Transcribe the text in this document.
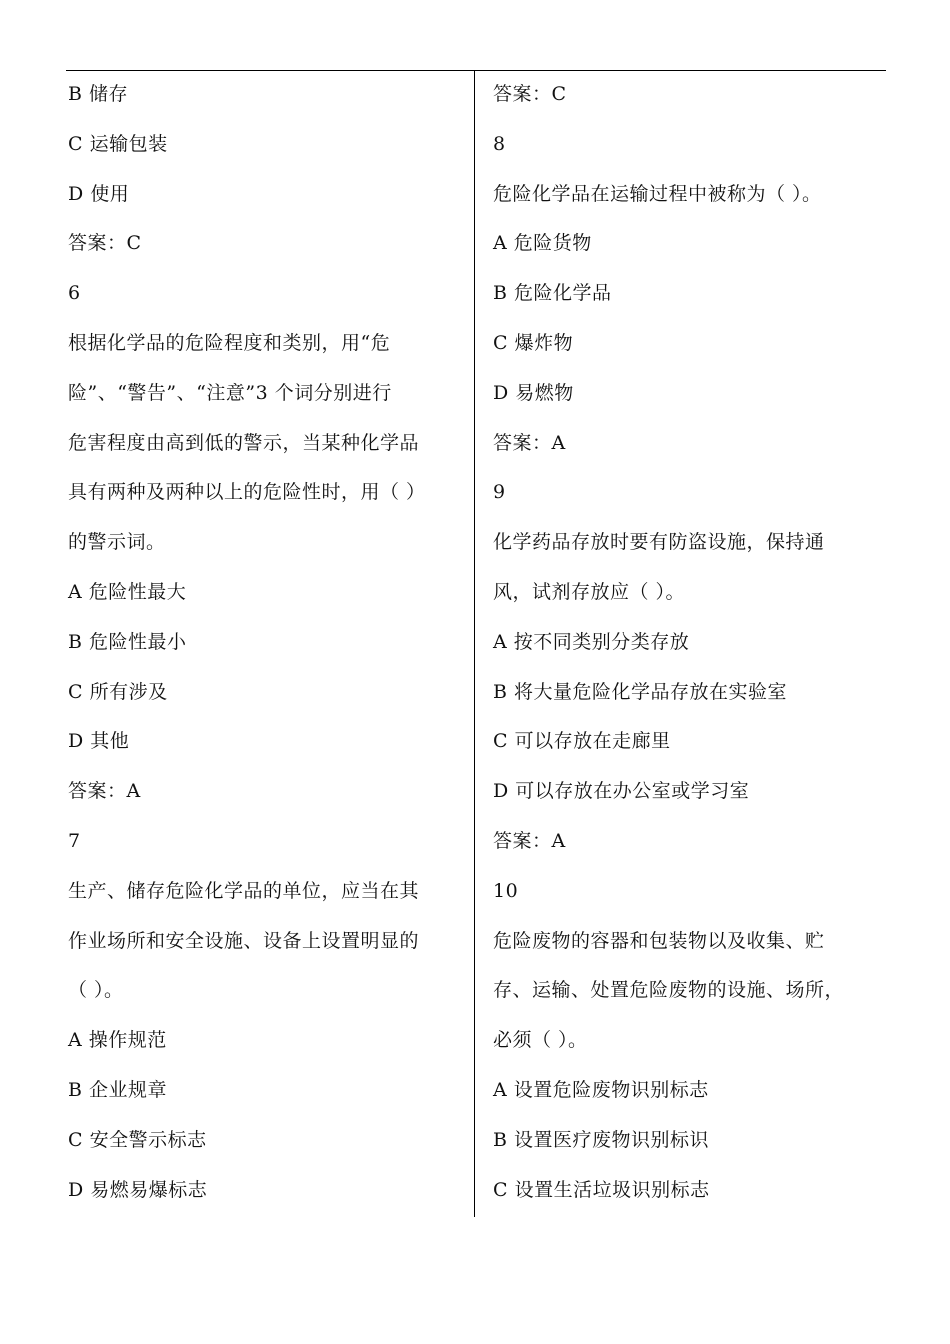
B 储存
C 运输包装
D 使用
答案：C
6
根据化学品的危险程度和类别，用“危
险”、“警告”、“注意”3 个词分别进行
危害程度由高到低的警示，当某种化学品
具有两种及两种以上的危险性时，用（ ）
的警示词。
A 危险性最大
B 危险性最小
C 所有涉及
D 其他
答案：A
7
生产、储存危险化学品的单位，应当在其
作业场所和安全设施、设备上设置明显的
（ ）。
A 操作规范
B 企业规章
C 安全警示标志
D 易燃易爆标志
答案：C
8
危险化学品在运输过程中被称为（ ）。
A 危险货物
B 危险化学品
C 爆炸物
D 易燃物
答案：A
9
化学药品存放时要有防盗设施，保持通
风，试剂存放应（ ）。
A 按不同类别分类存放
B 将大量危险化学品存放在实验室
C 可以存放在走廊里
D 可以存放在办公室或学习室
答案：A
10
危险废物的容器和包装物以及收集、贮
存、运输、处置危险废物的设施、场所，
必须（ ）。
A 设置危险废物识别标志
B 设置医疗废物识别标识
C 设置生活垃圾识别标志
